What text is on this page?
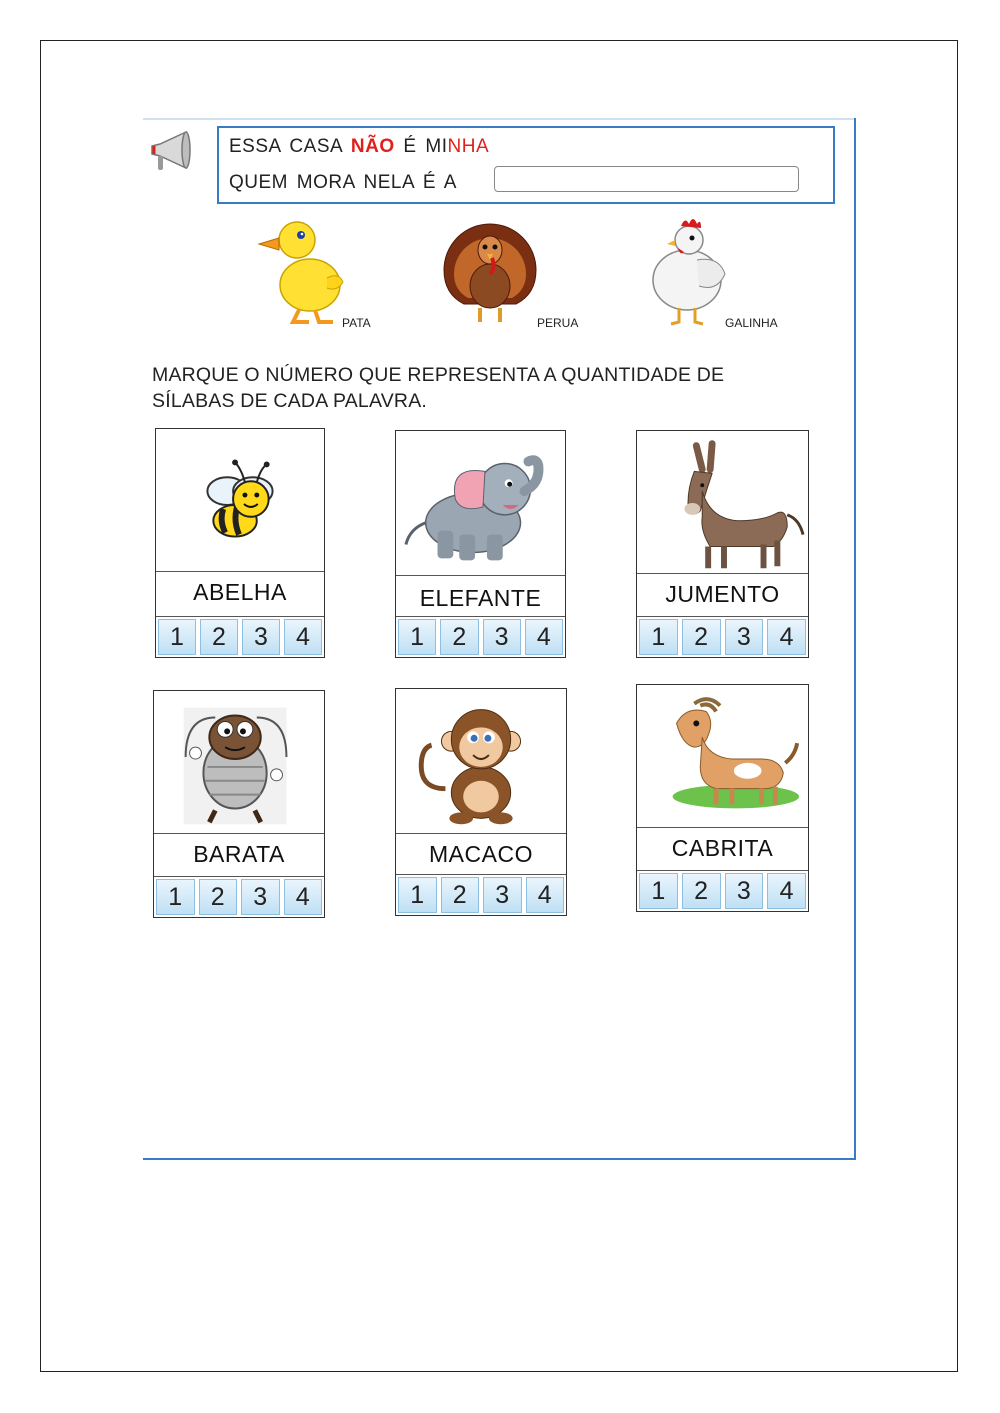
ESSA CASA NÃO É MINHA
QUEM MORA NELA É A
PATA	PERUA	GALINHA
MARQUE O NÚMERO QUE REPRESENTA A QUANTIDADE DE
SÍLABAS DE CADA PALAVRA.
ABELHA
1	2	3	4
ELEFANTE
1	2	3	4
JUMENTO
1	2	3	4
BARATA
1	2	3	4
MACACO
1	2	3	4
CABRITA
1	2	3	4
